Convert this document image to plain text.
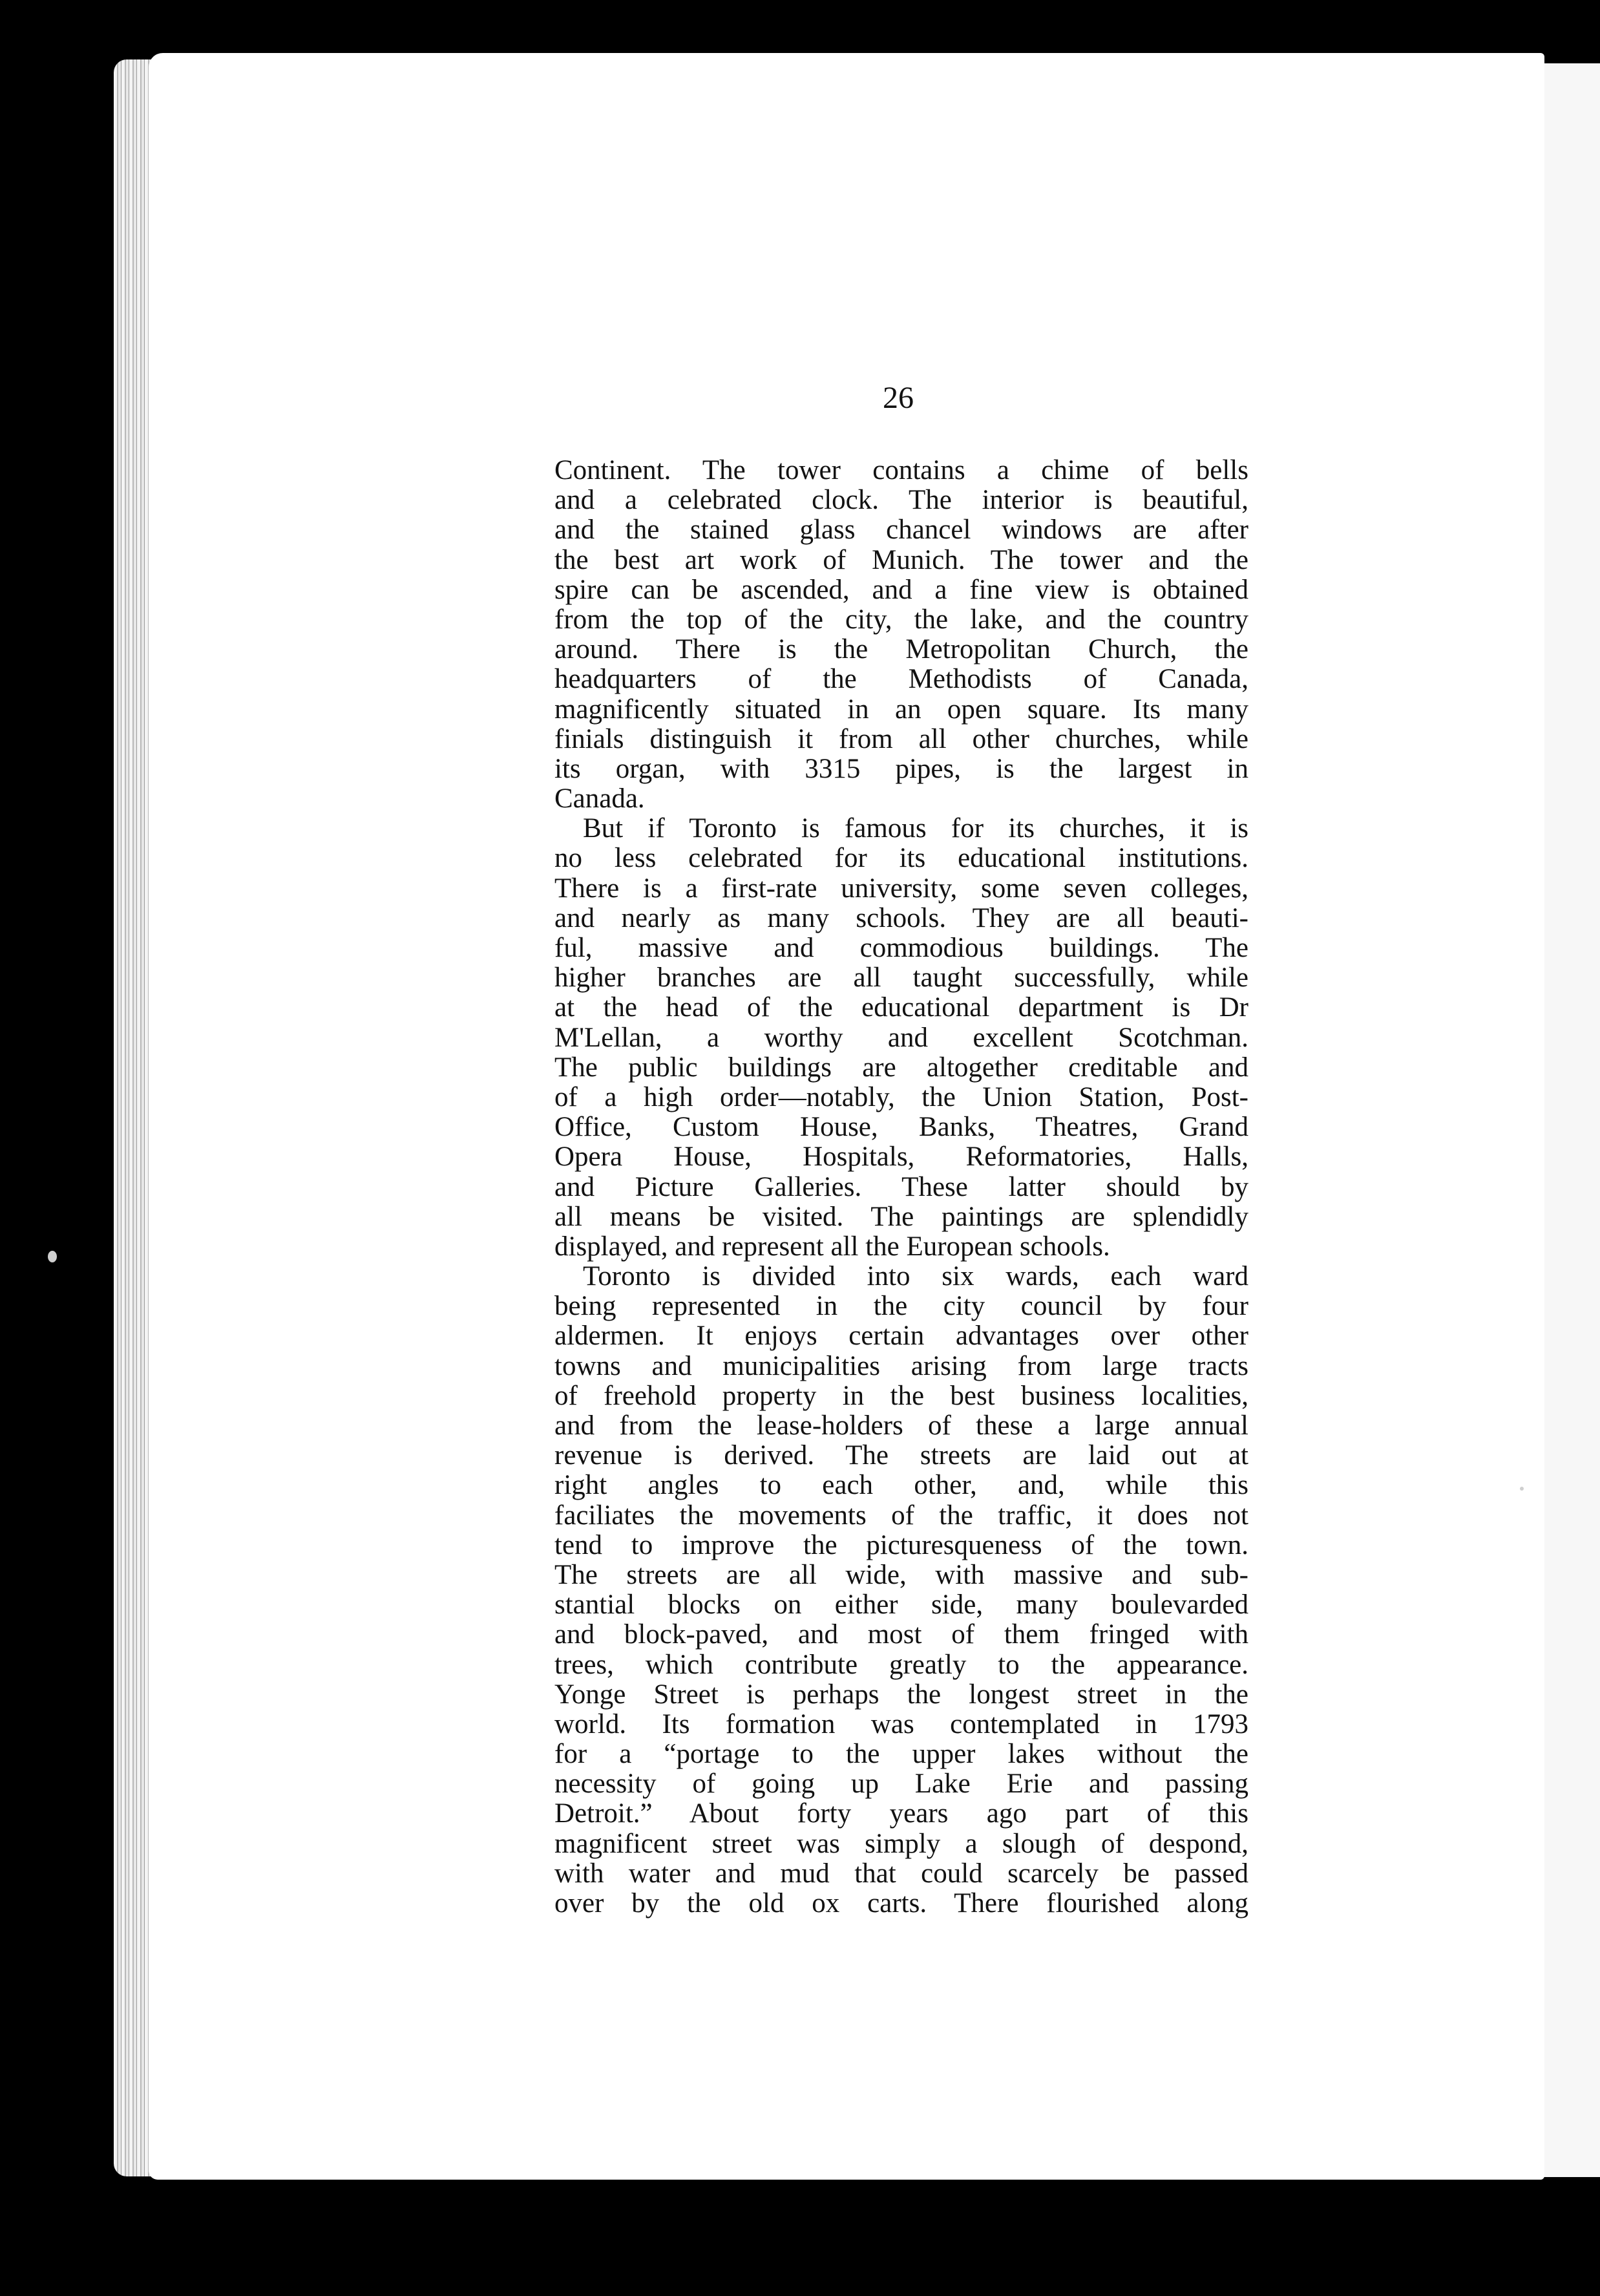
26
Continent. The tower contains a chime of bells
and a celebrated clock. The interior is beautiful,
and the stained glass chancel windows are after
the best art work of Munich. The tower and the
spire can be ascended, and a fine view is obtained
from the top of the city, the lake, and the country
around. There is the Metropolitan Church, the
headquarters of the Methodists of Canada,
magnificently situated in an open square. Its many
finials distinguish it from all other churches, while
its organ, with 3315 pipes, is the largest in
Canada.
But if Toronto is famous for its churches, it is
no less celebrated for its educational institutions.
There is a first-rate university, some seven colleges,
and nearly as many schools. They are all beauti-
ful, massive and commodious buildings. The
higher branches are all taught successfully, while
at the head of the educational department is Dr
M'Lellan, a worthy and excellent Scotchman.
The public buildings are altogether creditable and
of a high order—notably, the Union Station, Post-
Office, Custom House, Banks, Theatres, Grand
Opera House, Hospitals, Reformatories, Halls,
and Picture Galleries. These latter should by
all means be visited. The paintings are splendidly
displayed, and represent all the European schools.
Toronto is divided into six wards, each ward
being represented in the city council by four
aldermen. It enjoys certain advantages over other
towns and municipalities arising from large tracts
of freehold property in the best business localities,
and from the lease-holders of these a large annual
revenue is derived. The streets are laid out at
right angles to each other, and, while this
faciliates the movements of the traffic, it does not
tend to improve the picturesqueness of the town.
The streets are all wide, with massive and sub-
stantial blocks on either side, many boulevarded
and block-paved, and most of them fringed with
trees, which contribute greatly to the appearance.
Yonge Street is perhaps the longest street in the
world. Its formation was contemplated in 1793
for a “portage to the upper lakes without the
necessity of going up Lake Erie and passing
Detroit.” About forty years ago part of this
magnificent street was simply a slough of despond,
with water and mud that could scarcely be passed
over by the old ox carts. There flourished along
